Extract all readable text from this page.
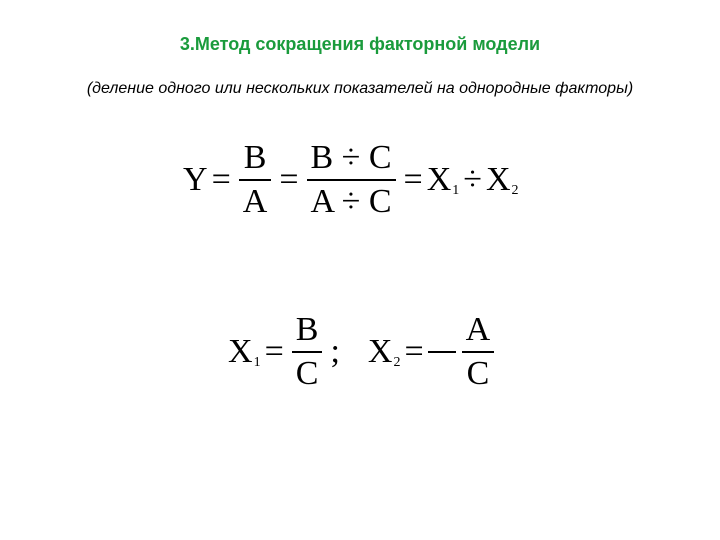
3.Метод сокращения факторной модели
(деление одного или нескольких показателей на однородные факторы)
$Y = \frac{B}{A} = \frac{B \div C}{A \div C} = X1 \div X2$
$X1 = \frac{B}{C}$ ; $X2 = \frac{A}{C}$
